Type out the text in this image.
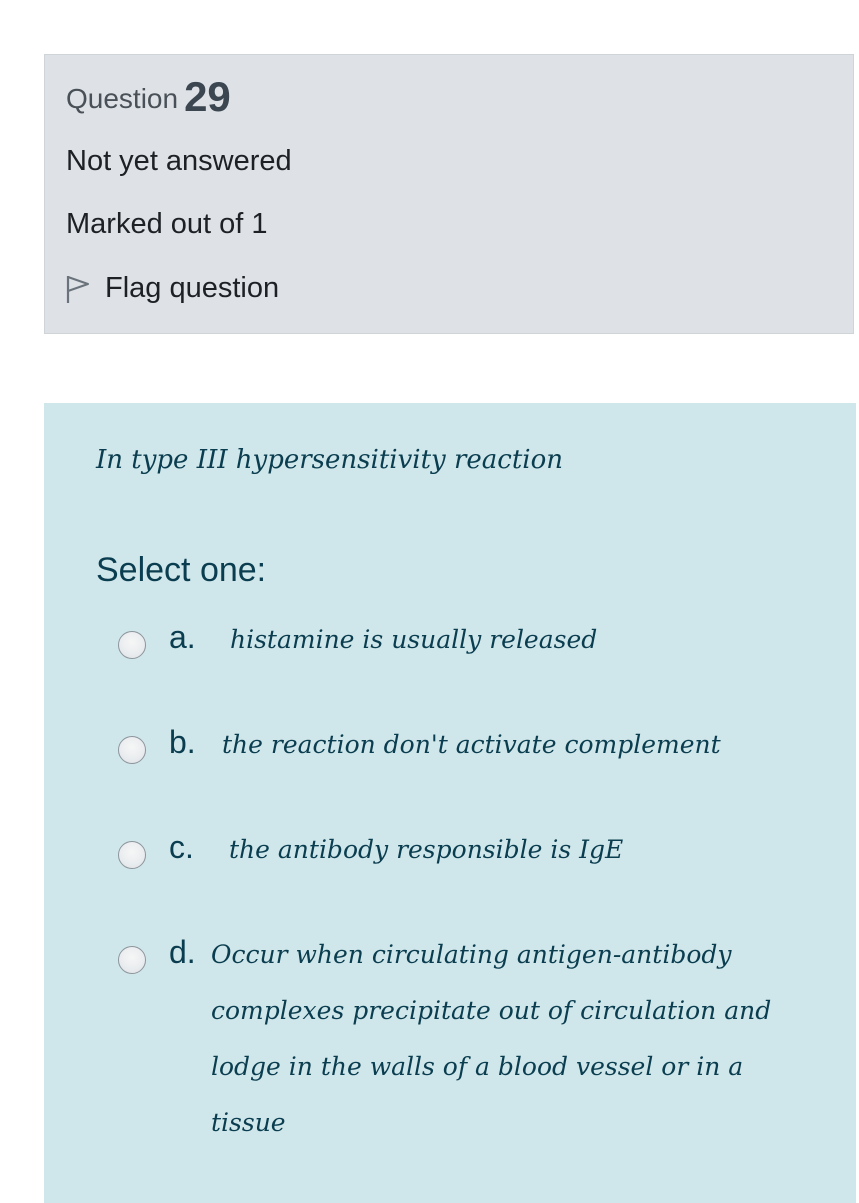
Question 29
Not yet answered
Marked out of 1
Flag question
In type III hypersensitivity reaction
Select one:
a. histamine is usually released
b. the reaction don't activate complement
c. the antibody responsible is IgE
d. Occur when circulating antigen-antibody
complexes precipitate out of circulation and
lodge in the walls of a blood vessel or in a
tissue
